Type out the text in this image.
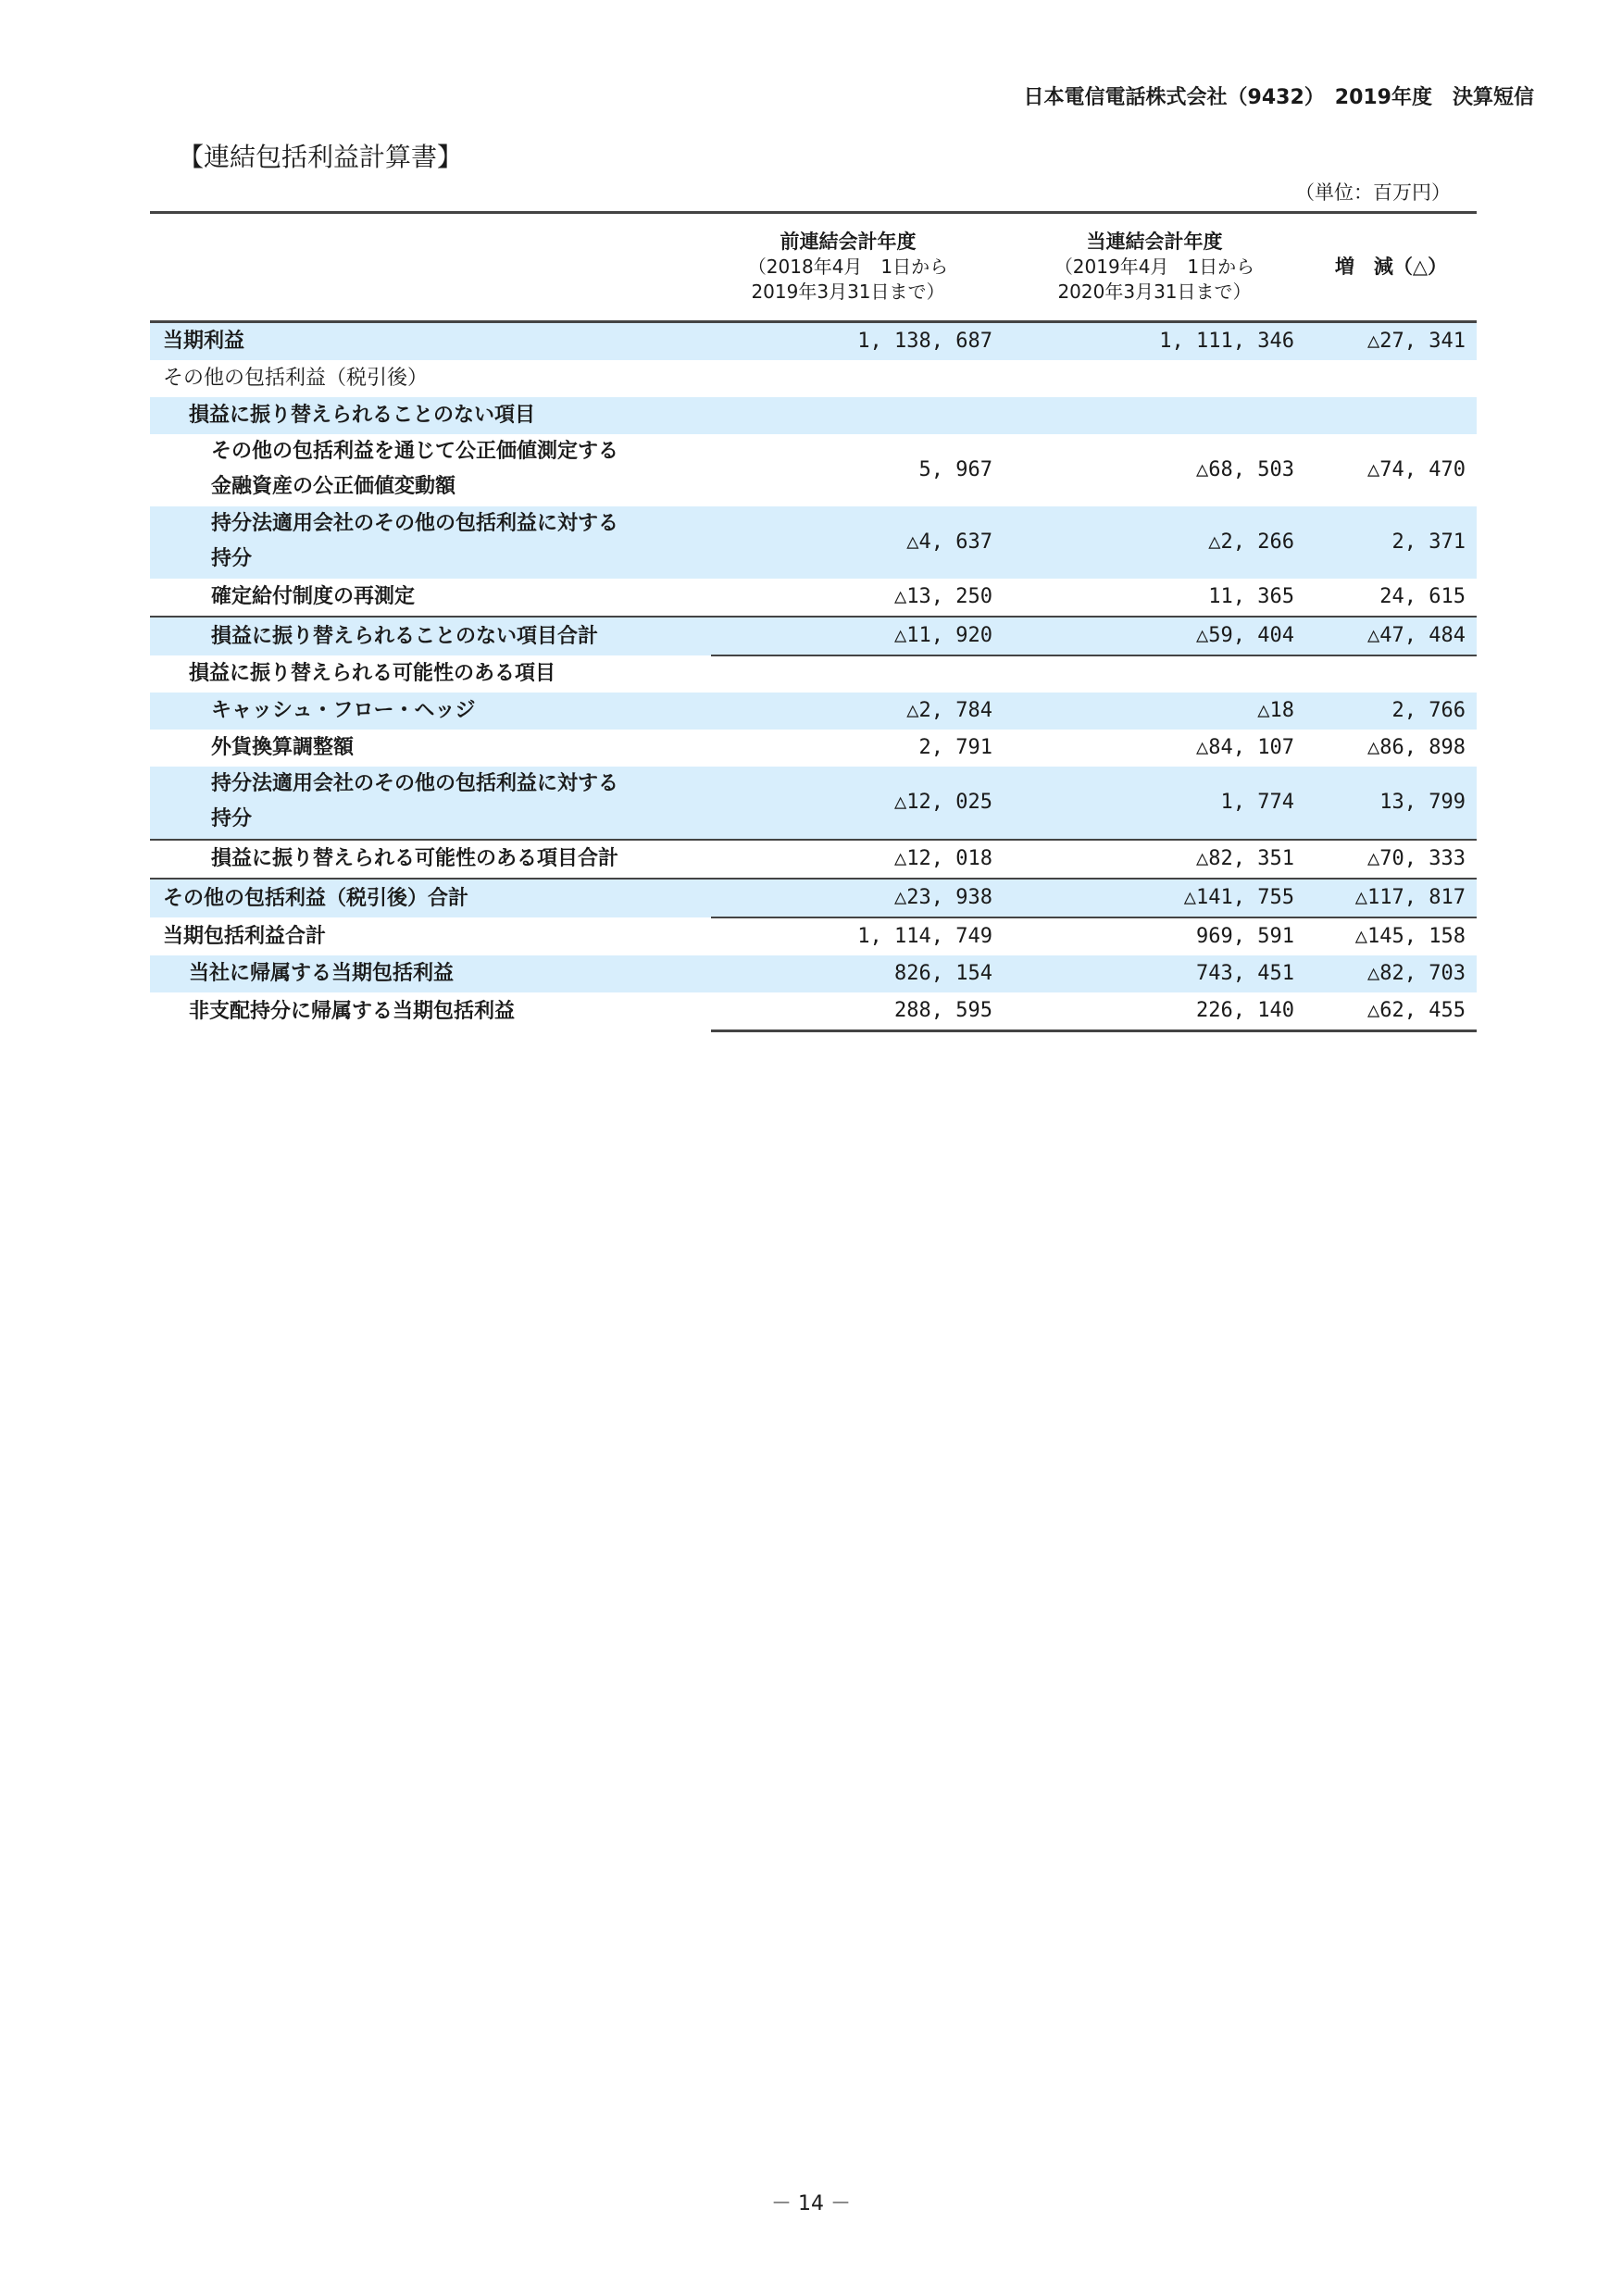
日本電信電話株式会社（9432）　2019年度　決算短信
【連結包括利益計算書】
（単位：百万円）
	前連結会計年度
（2018年4月　1日から
2019年3月31日まで）	当連結会計年度
（2019年4月　1日から
2020年3月31日まで）	増　減（△）
当期利益	1, 138, 687	1, 111, 346	△27, 341
その他の包括利益（税引後）			
損益に振り替えられることのない項目			

その他の包括利益を通じて公正価値測定する
金融資産の公正価値変動額	5, 967	△68, 503	△74, 470

持分法適用会社のその他の包括利益に対する
持分	△4, 637	△2, 266	2, 371
確定給付制度の再測定	△13, 250	11, 365	24, 615
損益に振り替えられることのない項目合計	△11, 920	△59, 404	△47, 484
損益に振り替えられる可能性のある項目			
キャッシュ・フロー・ヘッジ	△2, 784	△18	2, 766
外貨換算調整額	2, 791	△84, 107	△86, 898

持分法適用会社のその他の包括利益に対する
持分	△12, 025	1, 774	13, 799
損益に振り替えられる可能性のある項目合計	△12, 018	△82, 351	△70, 333
その他の包括利益（税引後）合計	△23, 938	△141, 755	△117, 817
当期包括利益合計	1, 114, 749	969, 591	△145, 158
当社に帰属する当期包括利益	826, 154	743, 451	△82, 703
非支配持分に帰属する当期包括利益	288, 595	226, 140	△62, 455
－ 14 －
